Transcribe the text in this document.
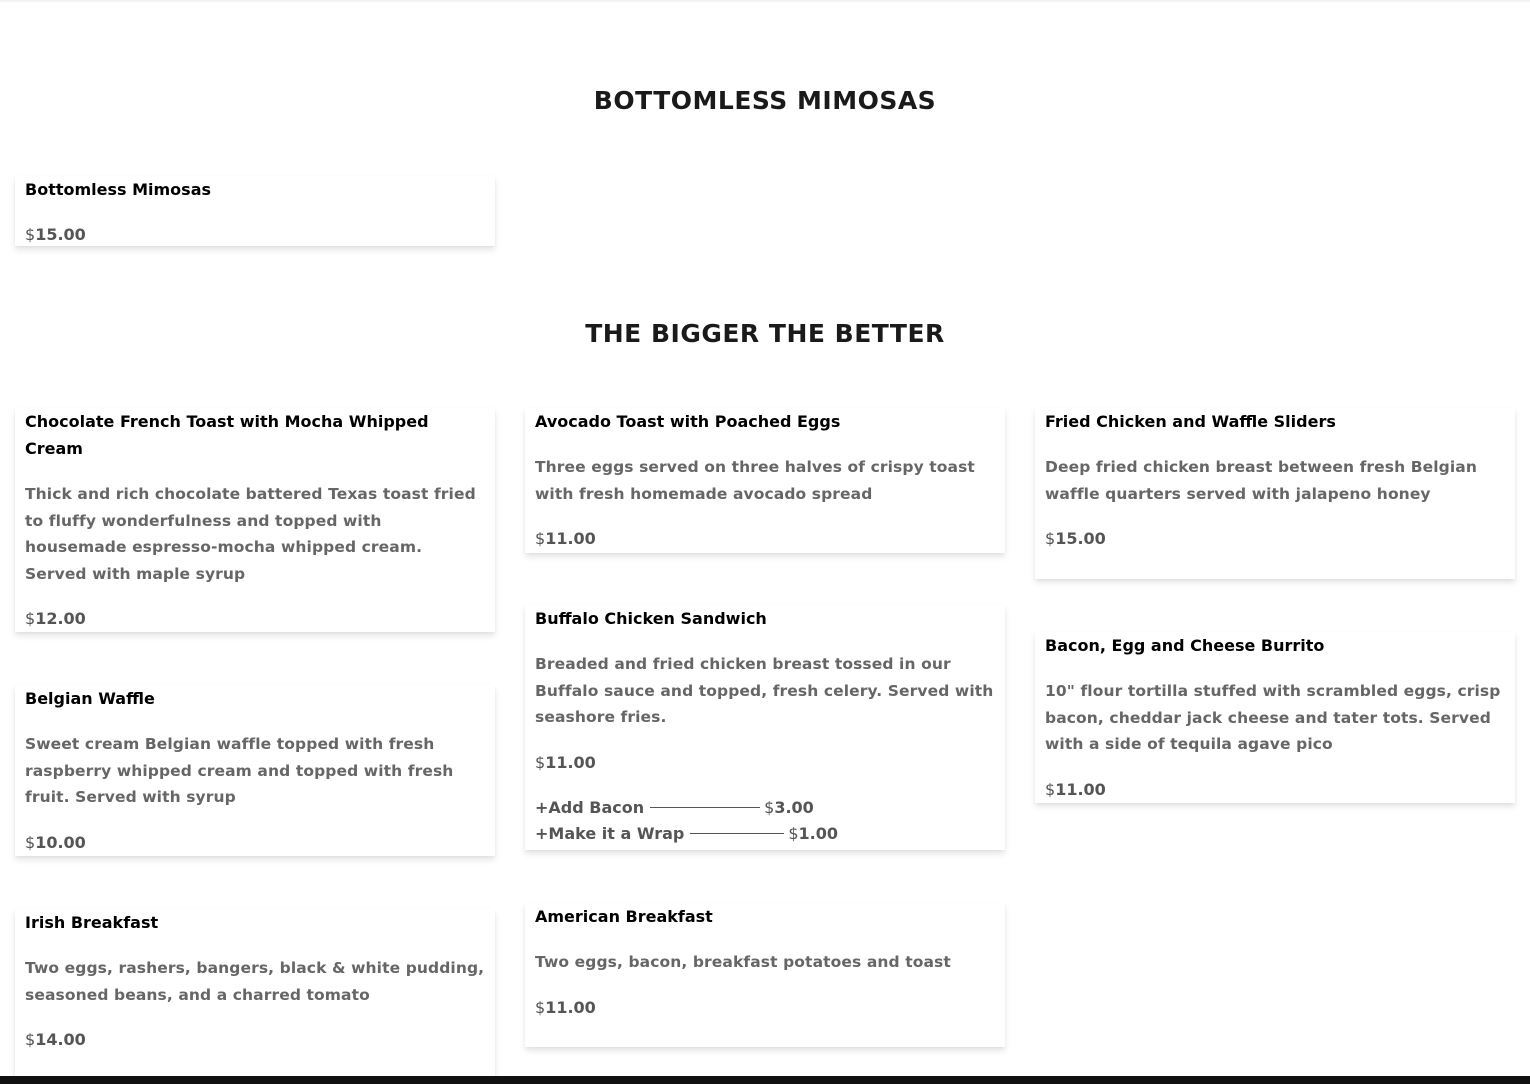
BOTTOMLESS MIMOSAS

Bottomless Mimosas

$15.00

THE BIGGER THE BETTER

Chocolate French Toast with Mocha Whipped Cream

Thick and rich chocolate battered Texas toast fried to fluffy wonderfulness and topped with housemade espresso-mocha whipped cream. Served with maple syrup

$12.00

Belgian Waffle

Sweet cream Belgian waffle topped with fresh raspberry whipped cream and topped with fresh fruit. Served with syrup

$10.00

Irish Breakfast

Two eggs, rashers, bangers, black & white pudding, seasoned beans, and a charred tomato

$14.00

Avocado Toast with Poached Eggs

Three eggs served on three halves of crispy toast with fresh homemade avocado spread

$11.00

Buffalo Chicken Sandwich

Breaded and fried chicken breast tossed in our Buffalo sauce and topped, fresh celery. Served with seashore fries.

$11.00

+Add Bacon	$ 3.00
+Make it a Wrap	$ 1.00

American Breakfast

Two eggs, bacon, breakfast potatoes and toast

$11.00

Fried Chicken and Waffle Sliders

Deep fried chicken breast between fresh Belgian waffle quarters served with jalapeno honey

$15.00

Bacon, Egg and Cheese Burrito

10" flour tortilla stuffed with scrambled eggs, crisp bacon, cheddar jack cheese and tater tots. Served with a side of tequila agave pico

$11.00
